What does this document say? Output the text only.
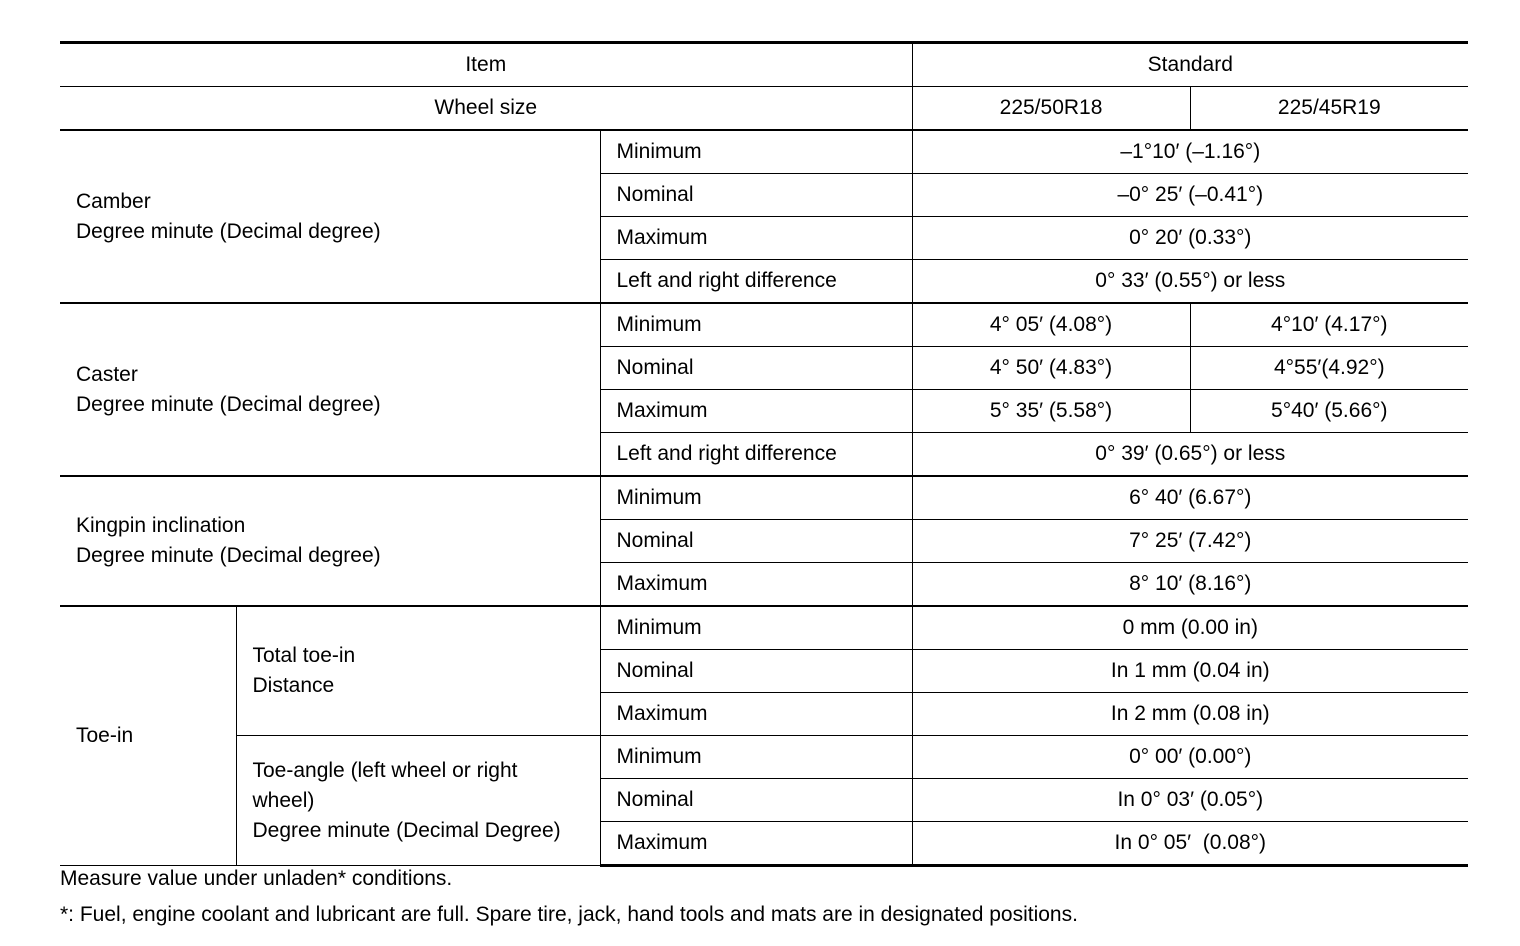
Item			Standard	
Wheel size			225/50R18	225/45R19
Camber
Degree minute (Decimal degree)		Minimum	–1°10′ (–1.16°)	
		Nominal	–0° 25′ (–0.41°)	
		Maximum	0° 20′ (0.33°)	
		Left and right difference	0° 33′ (0.55°) or less	
Caster
Degree minute (Decimal degree)		Minimum	4° 05′ (4.08°)	4°10′ (4.17°)
		Nominal	4° 50′ (4.83°)	4°55′(4.92°)
		Maximum	5° 35′ (5.58°)	5°40′ (5.66°)
		Left and right difference	0° 39′ (0.65°) or less	
Kingpin inclination
Degree minute (Decimal degree)		Minimum	6° 40′ (6.67°)	
		Nominal	7° 25′ (7.42°)	
		Maximum	8° 10′ (8.16°)	
Toe-in	Total toe-in
Distance	Minimum	0 mm (0.00 in)	
		Nominal	In 1 mm (0.04 in)	
		Maximum	In 2 mm (0.08 in)	
	Toe-angle (left wheel or right wheel)
Degree minute (Decimal Degree)	Minimum	0° 00′ (0.00°)	
		Nominal	In 0° 03′ (0.05°)	
		Maximum	In 0° 05′  (0.08°)	
Measure value under unladen* conditions.
*: Fuel, engine coolant and lubricant are full. Spare tire, jack, hand tools and mats are in designated positions.
